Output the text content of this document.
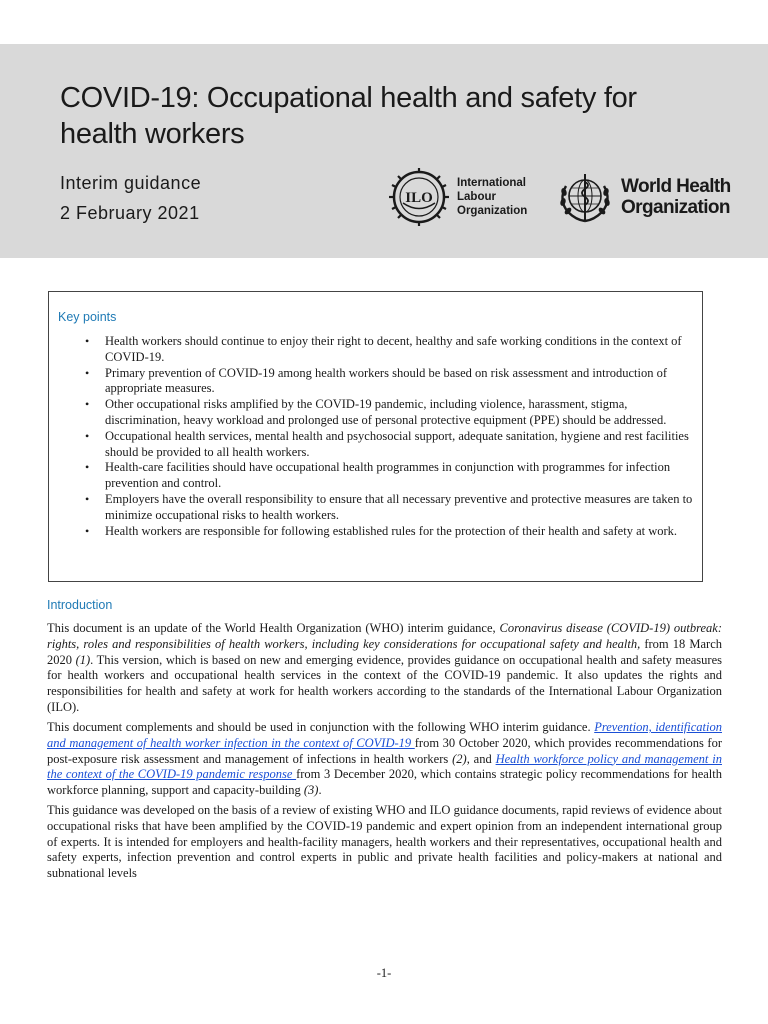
COVID-19: Occupational health and safety for health workers
Interim guidance
2 February 2021
ILO
International
Labour
Organization
World Health
Organization
Key points
• Health workers should continue to enjoy their right to decent, healthy and safe working conditions in the context of COVID-19.
• Primary prevention of COVID-19 among health workers should be based on risk assessment and introduction of appropriate measures.
• Other occupational risks amplified by the COVID-19 pandemic, including violence, harassment, stigma, discrimination, heavy workload and prolonged use of personal protective equipment (PPE) should be addressed.
• Occupational health services, mental health and psychosocial support, adequate sanitation, hygiene and rest facilities should be provided to all health workers.
• Health-care facilities should have occupational health programmes in conjunction with programmes for infection prevention and control.
• Employers have the overall responsibility to ensure that all necessary preventive and protective measures are taken to minimize occupational risks to health workers.
• Health workers are responsible for following established rules for the protection of their health and safety at work.
Introduction

This document is an update of the World Health Organization (WHO) interim guidance, Coronavirus disease (COVID-19) outbreak: rights, roles and responsibilities of health workers, including key considerations for occupational safety and health, from 18 March 2020 (1). This version, which is based on new and emerging evidence, provides guidance on occupational health and safety measures for health workers and occupational health services in the context of the COVID-19 pandemic. It also updates the rights and responsibilities for health and safety at work for health workers according to the standards of the International Labour Organization (ILO).

This document complements and should be used in conjunction with the following WHO interim guidance. Prevention, identification and management of health worker infection in the context of COVID-19 from 30 October 2020, which provides recommendations for post-exposure risk assessment and management of infections in health workers (2), and Health workforce policy and management in the context of the COVID-19 pandemic response from 3 December 2020, which contains strategic policy recommendations for health workforce planning, support and capacity-building (3).

This guidance was developed on the basis of a review of existing WHO and ILO guidance documents, rapid reviews of evidence about occupational risks that have been amplified by the COVID-19 pandemic and expert opinion from an independent international group of experts. It is intended for employers and health-facility managers, health workers and their representatives, occupational health and safety experts, infection prevention and control experts in public and private health facilities and policy-makers at national and subnational levels

-1-
